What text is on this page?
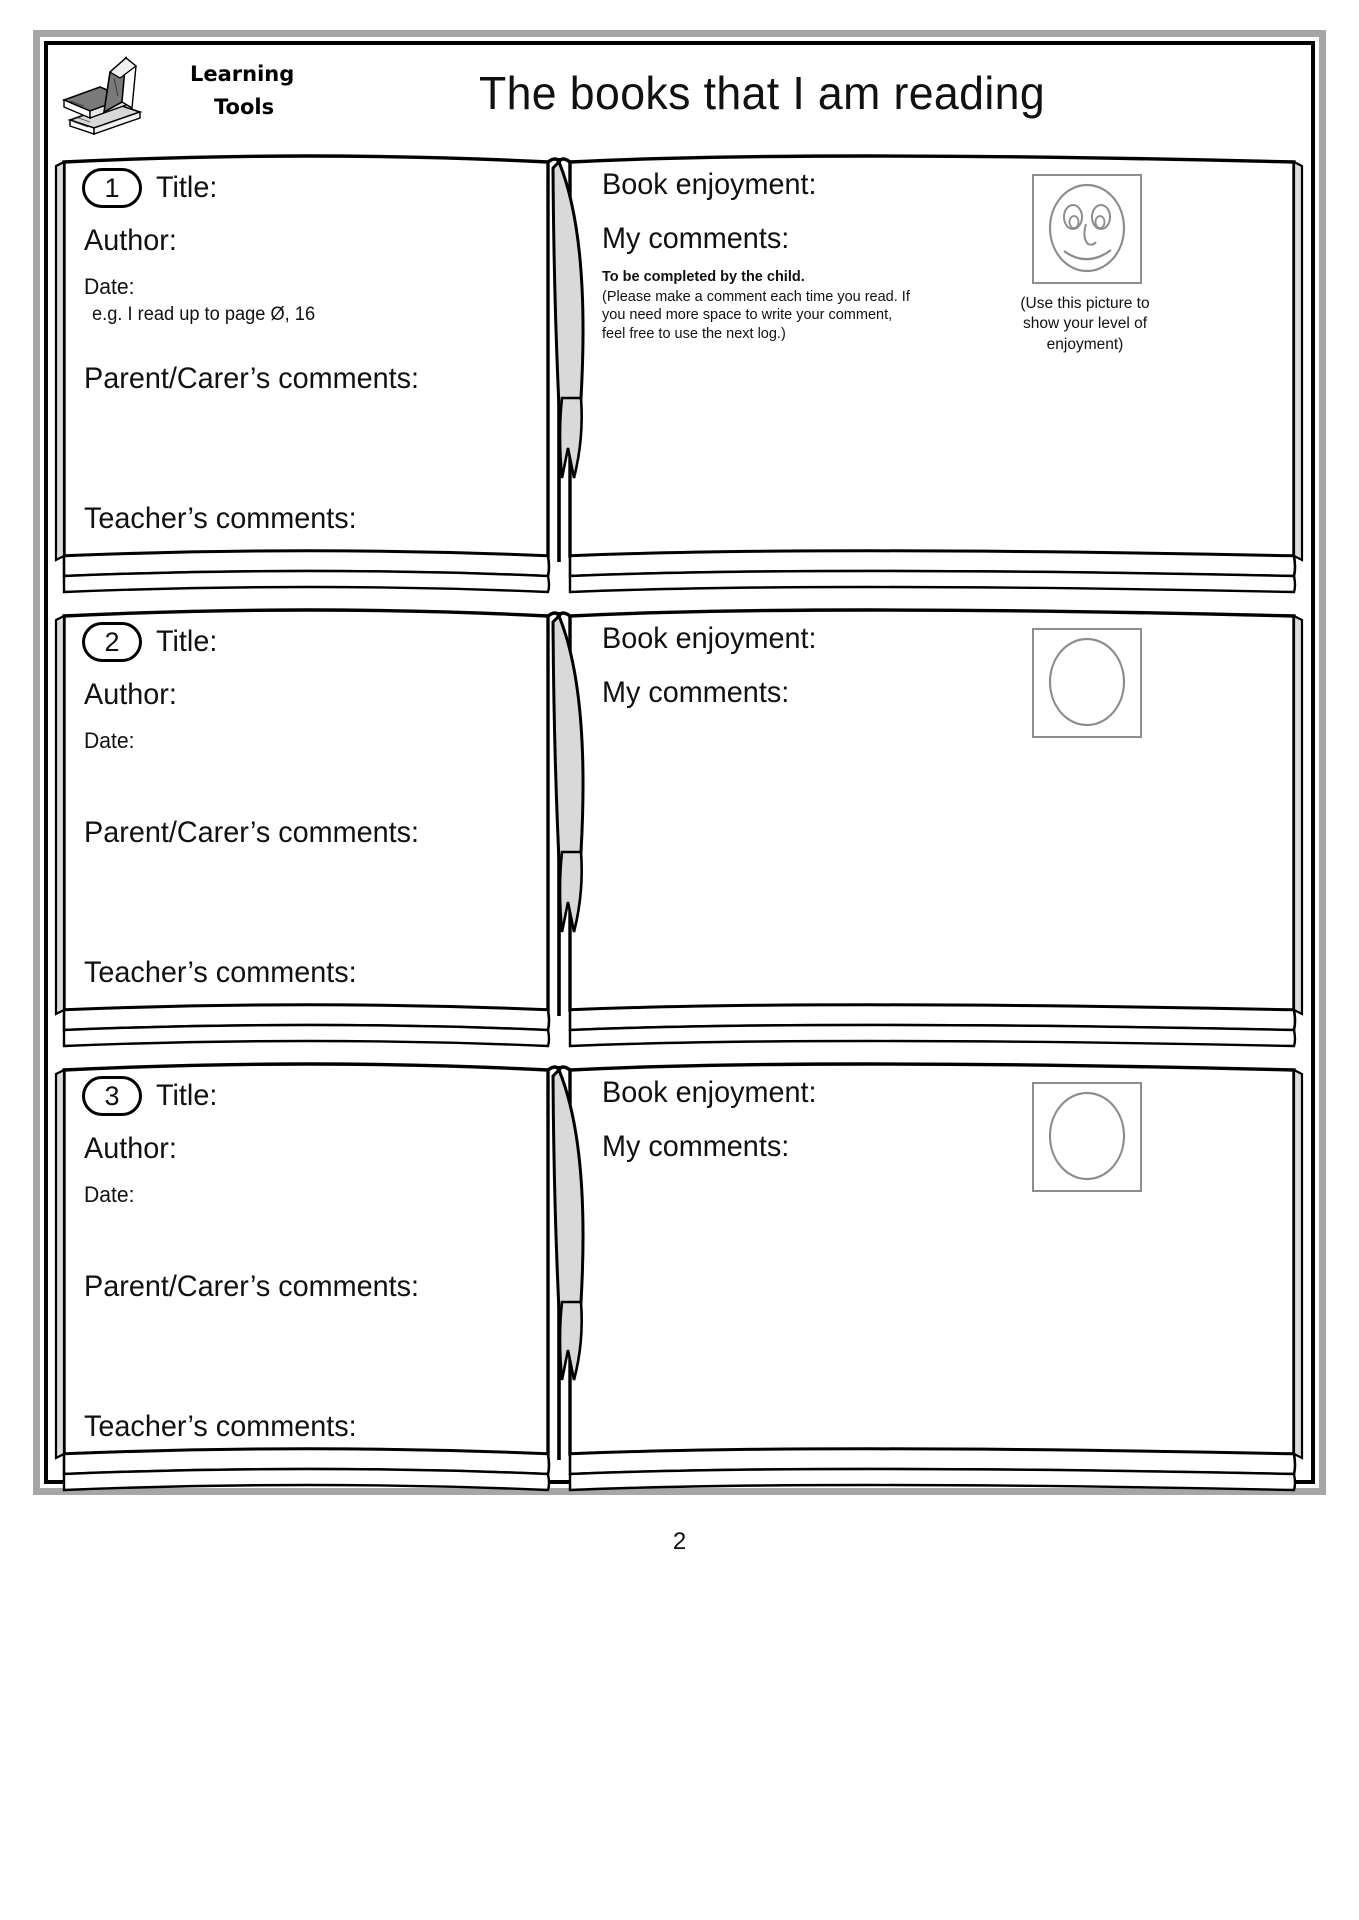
Learning
Tools	The books that I am reading
1	Title:
Author:
Date:
e.g. I read up to page Ø, 16
Parent/Carer’s comments:
Teacher’s comments:
Book enjoyment:
My comments:
To be completed by the child.
(Please make a comment each time you read. If you need more space to write your comment, feel free to use the next log.)
(Use this picture to show your level of enjoyment)
2	Title:
Author:
Date:
Parent/Carer’s comments:
Teacher’s comments:
Book enjoyment:
My comments:
3	Title:
Author:
Date:
Parent/Carer’s comments:
Teacher’s comments:
Book enjoyment:
My comments:
2
